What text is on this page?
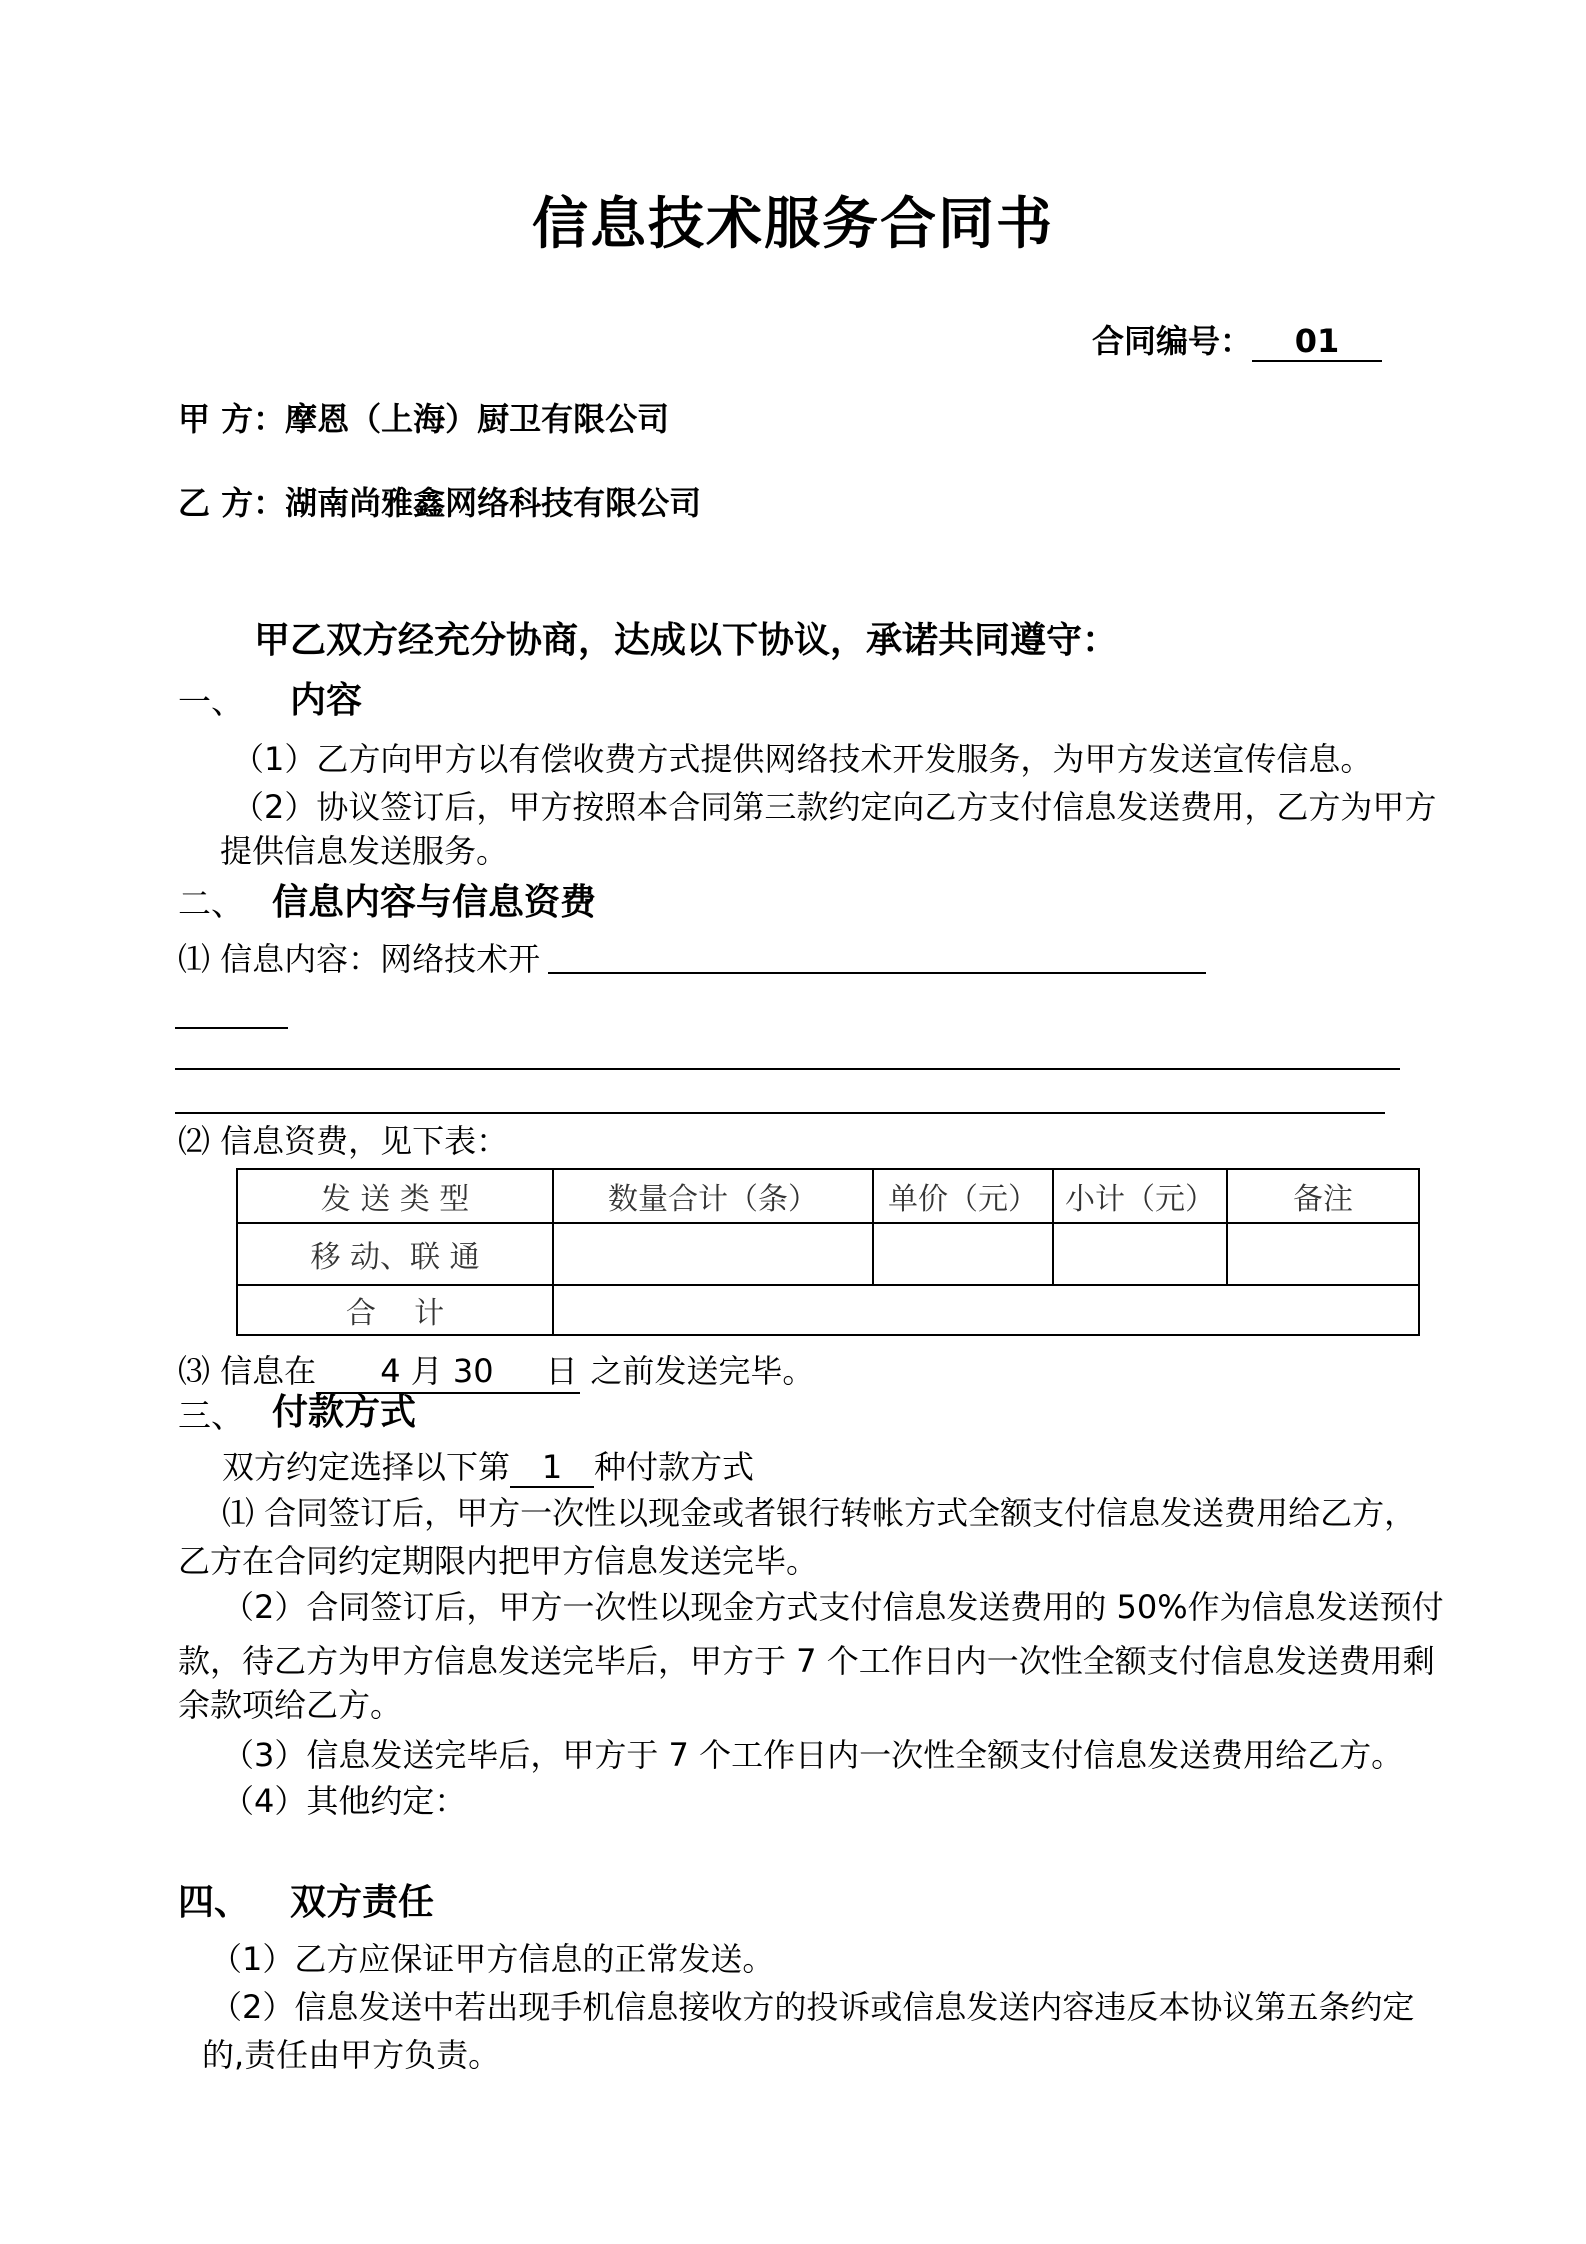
信息技术服务合同书
合同编号： 01
甲 方：摩恩（上海）厨卫有限公司
乙 方：湖南尚雅鑫网络科技有限公司
甲乙双方经充分协商，达成以下协议，承诺共同遵守：
一、 内容
（1）乙方向甲方以有偿收费方式提供网络技术开发服务，为甲方发送宣传信息。
（2）协议签订后，甲方按照本合同第三款约定向乙方支付信息发送费用，乙方为甲方
提供信息发送服务。
二、 信息内容与信息资费
⑴ 信息内容：网络技术开
⑵ 信息资费，见下表：
发 送 类 型	数量合计（条）	单价（元）	小计（元）	备注
移 动、联 通				
合    计				
⑶ 信息在 4 月 30 日 之前发送完毕。
三、 付款方式
双方约定选择以下第 1 种付款方式
⑴ 合同签订后，甲方一次性以现金或者银行转帐方式全额支付信息发送费用给乙方，
乙方在合同约定期限内把甲方信息发送完毕。
（2）合同签订后，甲方一次性以现金方式支付信息发送费用的 50%作为信息发送预付
款，待乙方为甲方信息发送完毕后，甲方于 7 个工作日内一次性全额支付信息发送费用剩
余款项给乙方。
（3）信息发送完毕后，甲方于 7 个工作日内一次性全额支付信息发送费用给乙方。
（4）其他约定：
四、 双方责任
（1）乙方应保证甲方信息的正常发送。
（2）信息发送中若出现手机信息接收方的投诉或信息发送内容违反本协议第五条约定
的,责任由甲方负责。
